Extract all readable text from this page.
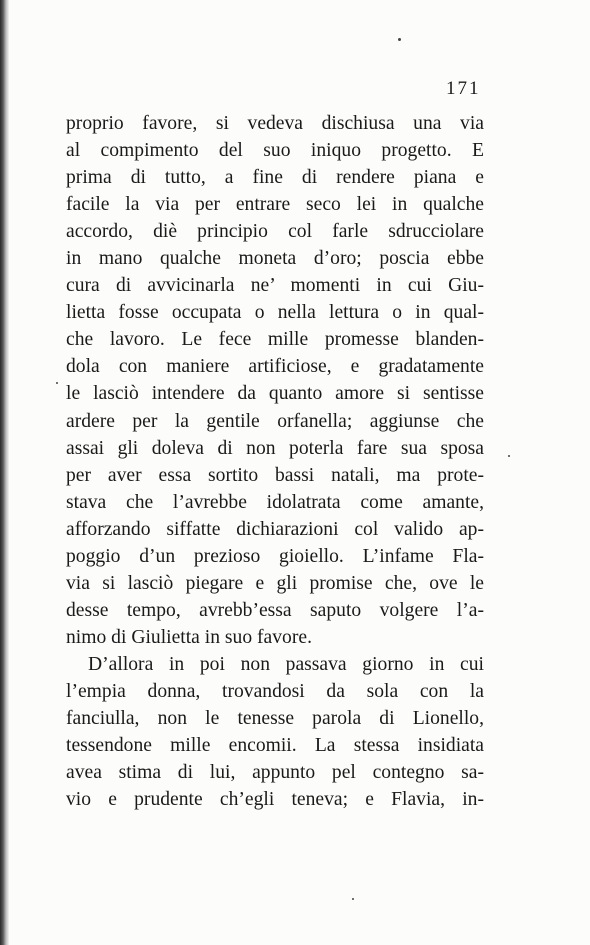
171
proprio favore, si vedeva dischiusa una via
al compimento del suo iniquo progetto. E
prima di tutto, a fine di rendere piana e
facile la via per entrare seco lei in qualche
accordo, diè principio col farle sdrucciolare
in mano qualche moneta d’oro; poscia ebbe
cura di avvicinarla ne’ momenti in cui Giu-
lietta fosse occupata o nella lettura o in qual-
che lavoro. Le fece mille promesse blanden-
dola con maniere artificiose, e gradatamente
le lasciò intendere da quanto amore si sentisse
ardere per la gentile orfanella; aggiunse che
assai gli doleva di non poterla fare sua sposa
per aver essa sortito bassi natali, ma prote-
stava che l’avrebbe idolatrata come amante,
afforzando siffatte dichiarazioni col valido ap-
poggio d’un prezioso gioiello. L’infame Fla-
via si lasciò piegare e gli promise che, ove le
desse tempo, avrebb’essa saputo volgere l’a-
nimo di Giulietta in suo favore.
D’allora in poi non passava giorno in cui
l’empia donna, trovandosi da sola con la
fanciulla, non le tenesse parola di Lionello,
tessendone mille encomii. La stessa insidiata
avea stima di lui, appunto pel contegno sa-
vio e prudente ch’egli teneva; e Flavia, in-
